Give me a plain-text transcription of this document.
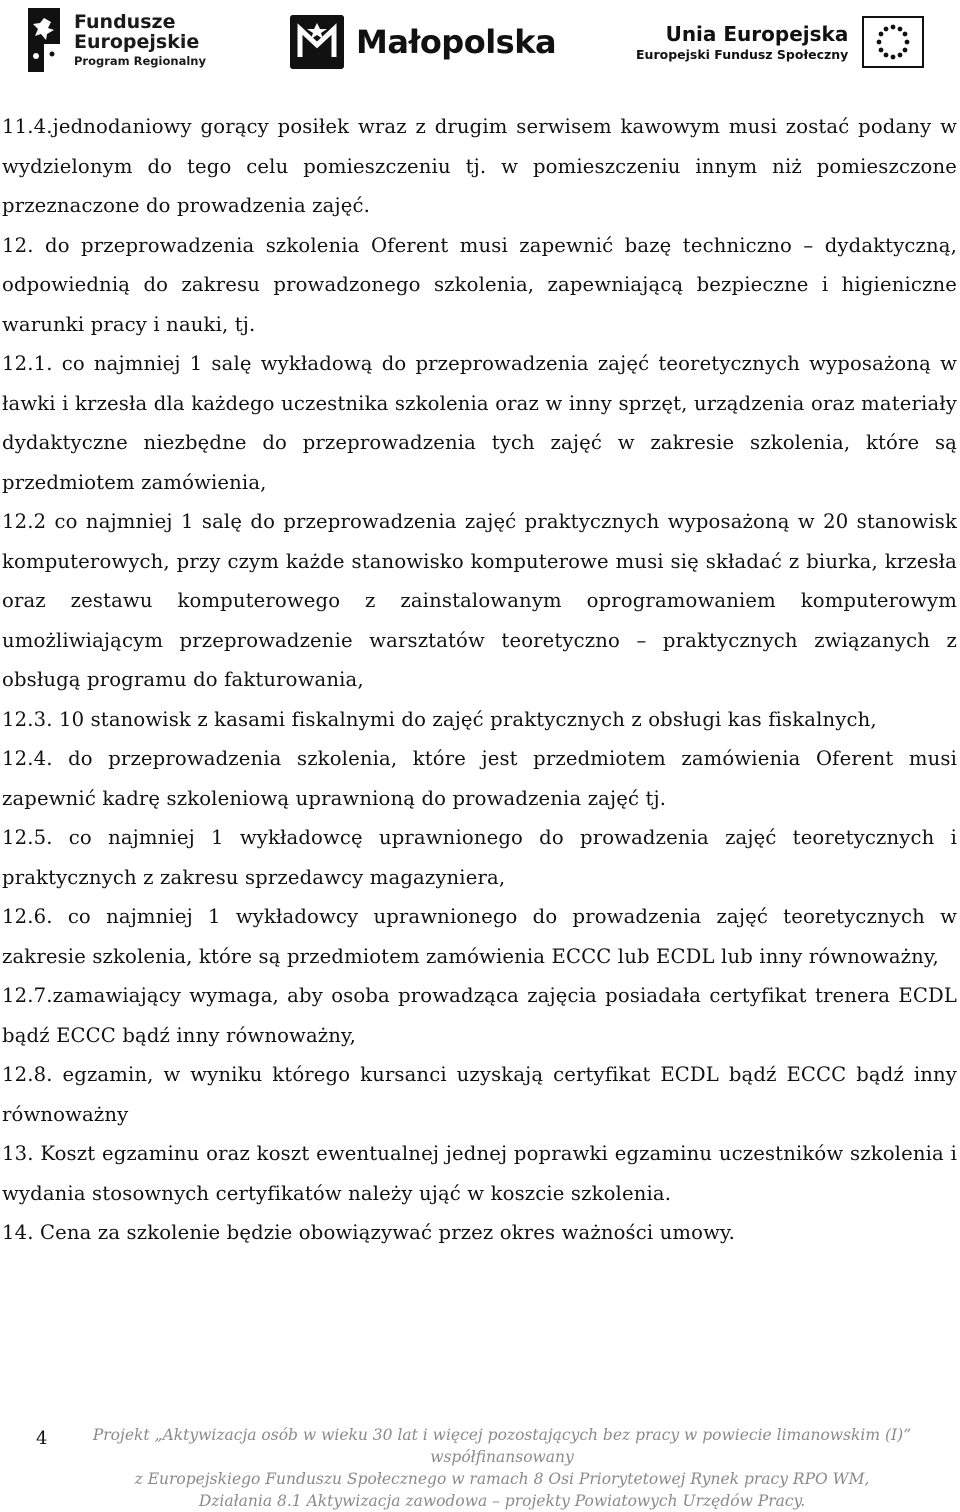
Fundusze
Europejskie
Program Regionalny	Małopolska	Unia Europejska
Europejski Fundusz Społeczny

11.4.jednodaniowy gorący posiłek wraz z drugim serwisem kawowym musi zostać podany w wydzielonym do tego celu pomieszczeniu tj. w pomieszczeniu innym niż pomieszczone przeznaczone do prowadzenia zajęć.

12. do przeprowadzenia szkolenia Oferent musi zapewnić bazę techniczno – dydaktyczną, odpowiednią do zakresu prowadzonego szkolenia, zapewniającą bezpieczne i higieniczne warunki pracy i nauki, tj.

12.1. co najmniej 1 salę wykładową do przeprowadzenia zajęć teoretycznych wyposażoną w ławki i krzesła dla każdego uczestnika szkolenia oraz w inny sprzęt, urządzenia oraz materiały dydaktyczne niezbędne do przeprowadzenia tych zajęć w zakresie szkolenia, które są przedmiotem zamówienia,

12.2 co najmniej 1 salę do przeprowadzenia zajęć praktycznych wyposażoną w 20 stanowisk komputerowych, przy czym każde stanowisko komputerowe musi się składać z biurka, krzesła oraz zestawu komputerowego z zainstalowanym oprogramowaniem komputerowym umożliwiającym przeprowadzenie warsztatów teoretyczno – praktycznych związanych z obsługą programu do fakturowania,

12.3. 10 stanowisk z kasami fiskalnymi do zajęć praktycznych z obsługi kas fiskalnych,

12.4. do przeprowadzenia szkolenia, które jest przedmiotem zamówienia Oferent musi zapewnić kadrę szkoleniową uprawnioną do prowadzenia zajęć tj.

12.5. co najmniej 1 wykładowcę uprawnionego do prowadzenia zajęć teoretycznych i praktycznych z zakresu sprzedawcy magazyniera,

12.6. co najmniej 1 wykładowcy uprawnionego do prowadzenia zajęć teoretycznych w zakresie szkolenia, które są przedmiotem zamówienia ECCC lub ECDL lub inny równoważny,

12.7.zamawiający wymaga, aby osoba prowadząca zajęcia posiadała certyfikat trenera ECDL bądź ECCC bądź inny równoważny,

12.8. egzamin, w wyniku którego kursanci uzyskają certyfikat ECDL bądź ECCC bądź inny równoważny

13. Koszt egzaminu oraz koszt ewentualnej jednej poprawki egzaminu uczestników szkolenia i wydania stosownych certyfikatów należy ująć w koszcie szkolenia.

14. Cena za szkolenie będzie obowiązywać przez okres ważności umowy.

4	Projekt „Aktywizacja osób w wieku 30 lat i więcej pozostających bez pracy w powiecie limanowskim (I)” współfinansowany
z Europejskiego Funduszu Społecznego w ramach 8 Osi Priorytetowej Rynek pracy RPO WM,
Działania 8.1 Aktywizacja zawodowa – projekty Powiatowych Urzędów Pracy.
